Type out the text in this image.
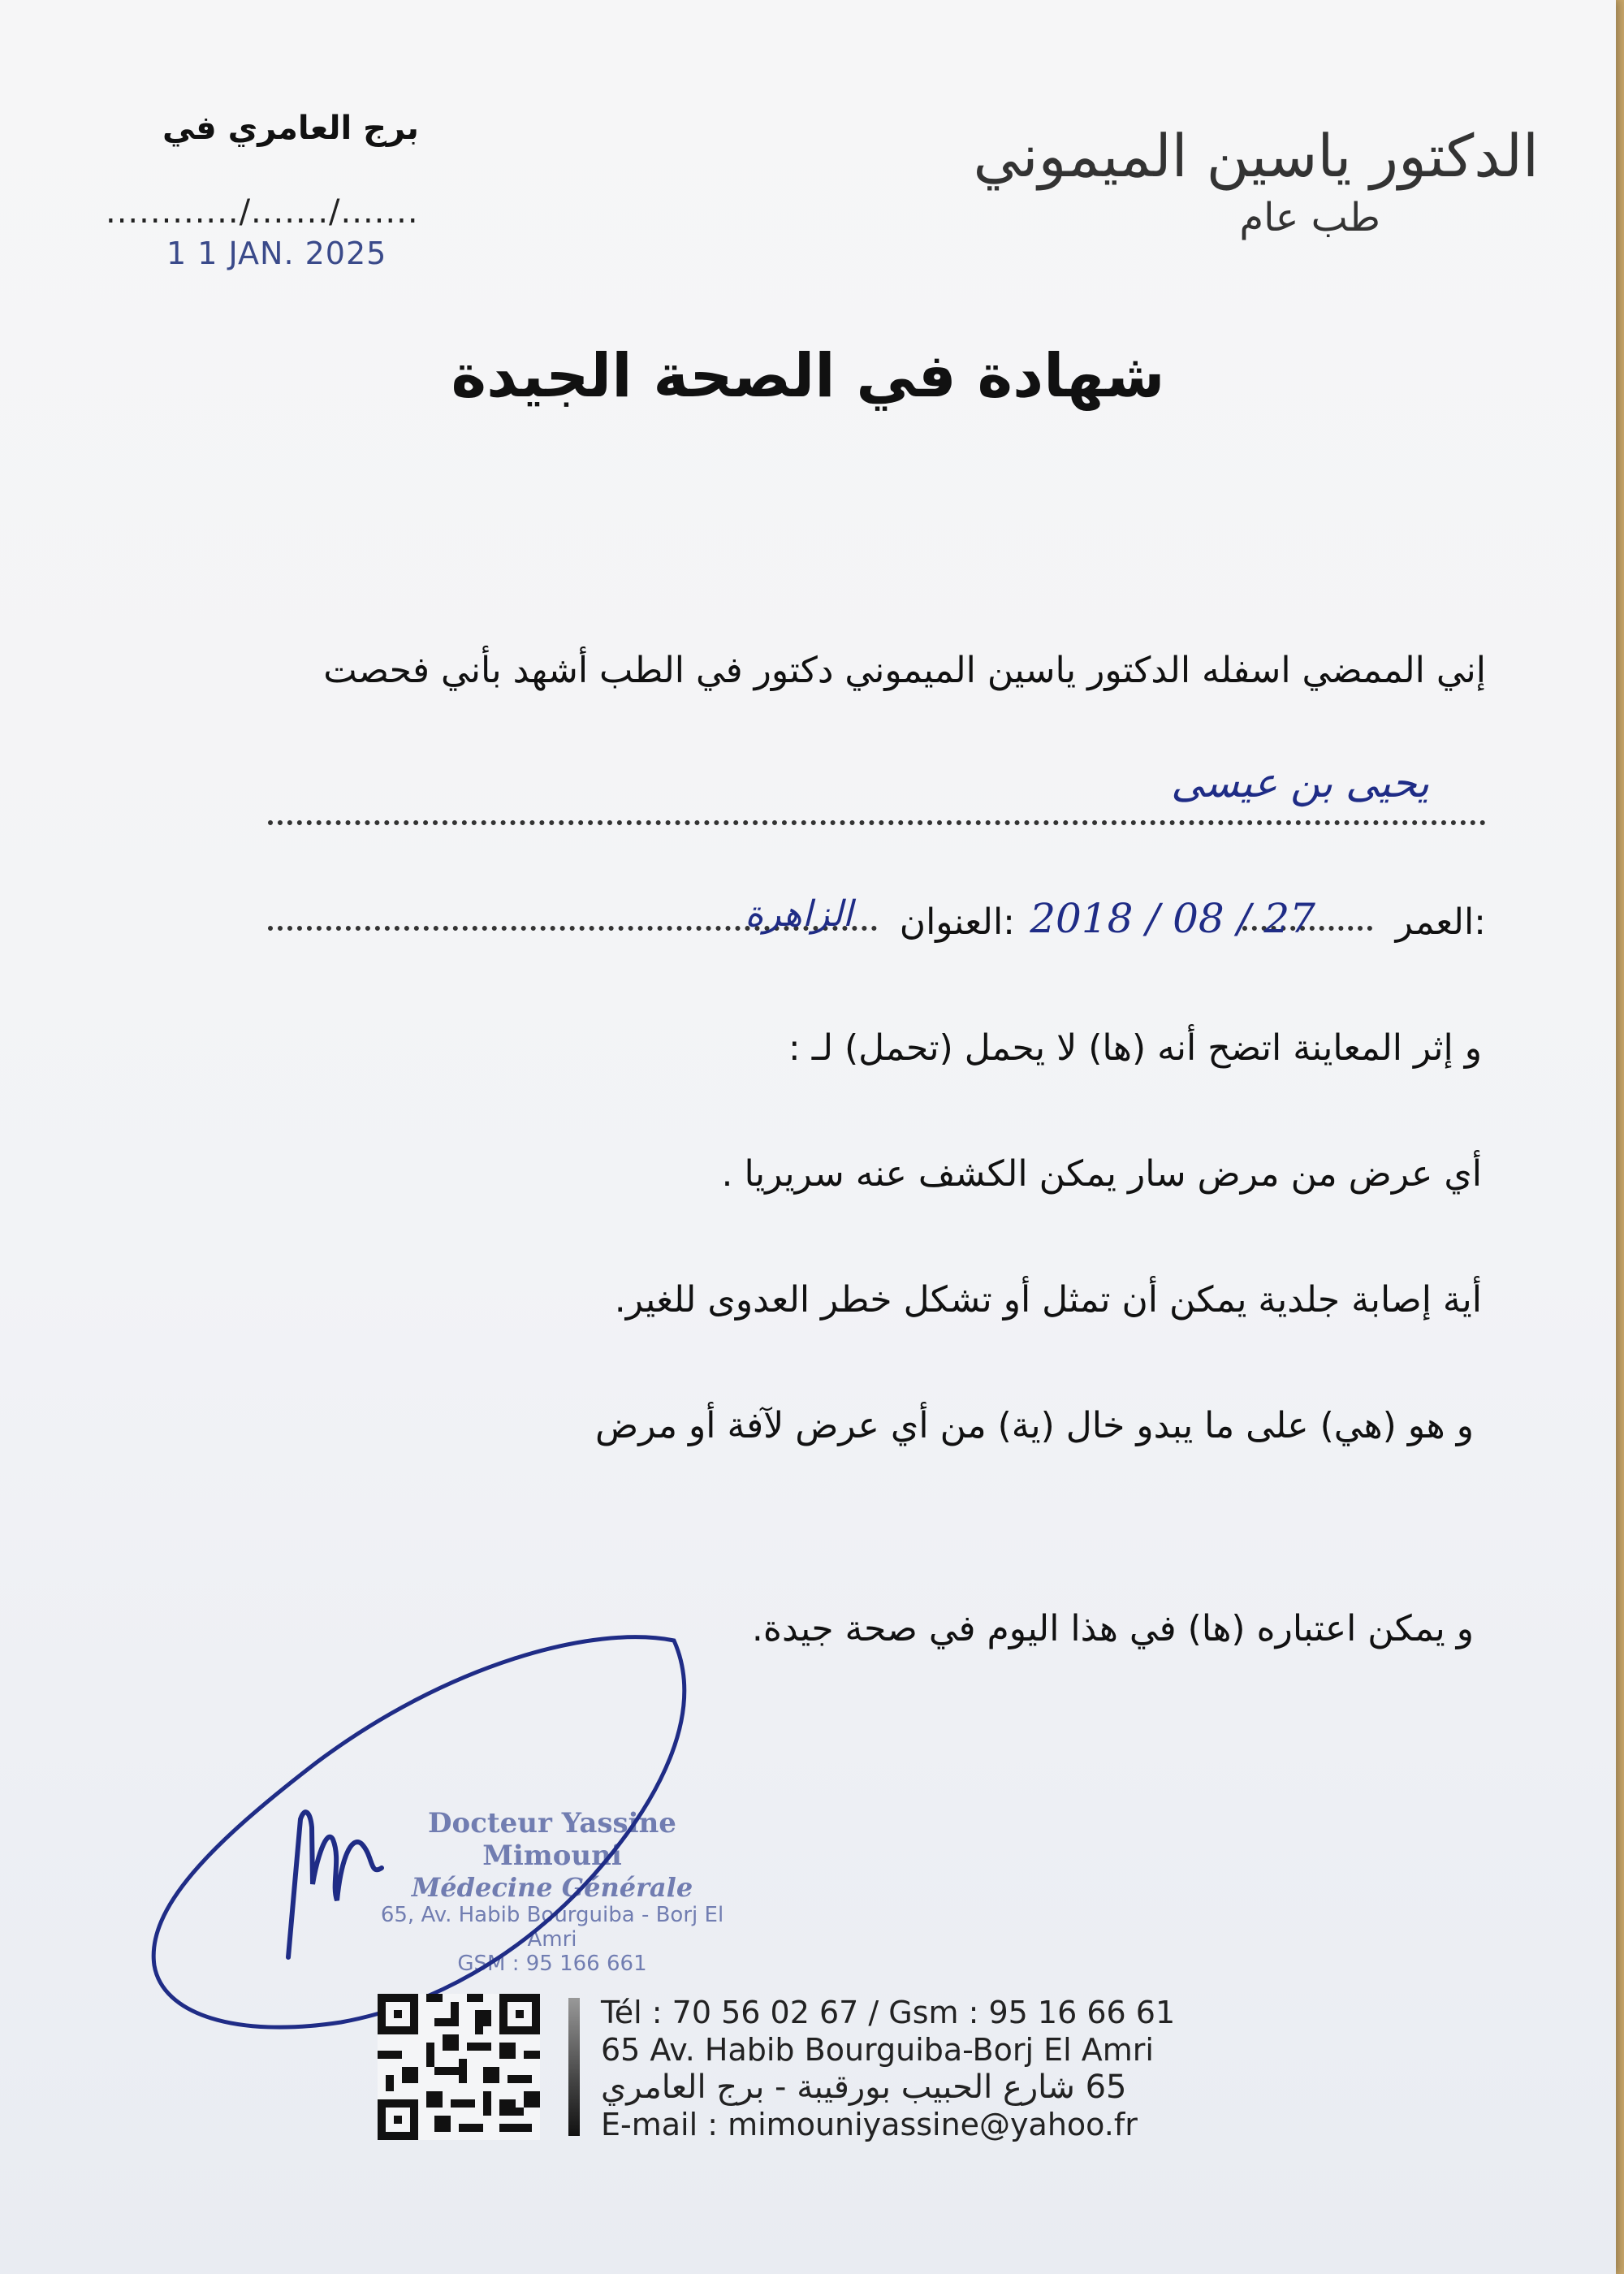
الدكتور ياسين الميموني
طب عام
برج العامري في
............/......./.......
1 1 JAN. 2025
شهادة في الصحة الجيدة
إني الممضي اسفله الدكتور ياسين الميموني دكتور في الطب أشهد بأني فحصت
يحيى بن عيسى
العمر:
2018 / 08 / 27
العنوان:
الزاهرة
و إثر المعاينة اتضح أنه (ها) لا يحمل (تحمل) لـ :
أي عرض من مرض سار يمكن الكشف عنه سريريا .
أية إصابة جلدية يمكن أن تمثل أو تشكل خطر العدوى للغير.
و هو (هي) على ما يبدو خال (ية) من أي عرض لآفة أو مرض
و يمكن اعتباره (ها) في هذا اليوم في صحة جيدة.
Docteur Yassine Mimouni
Médecine Générale
65, Av. Habib Bourguiba - Borj El Amri
GSM : 95 166 661
Tél : 70 56 02 67 / Gsm : 95 16 66 61
65 Av. Habib Bourguiba-Borj El Amri
65 شارع الحبيب بورقيبة - برج العامري
E-mail : mimouniyassine@yahoo.fr
